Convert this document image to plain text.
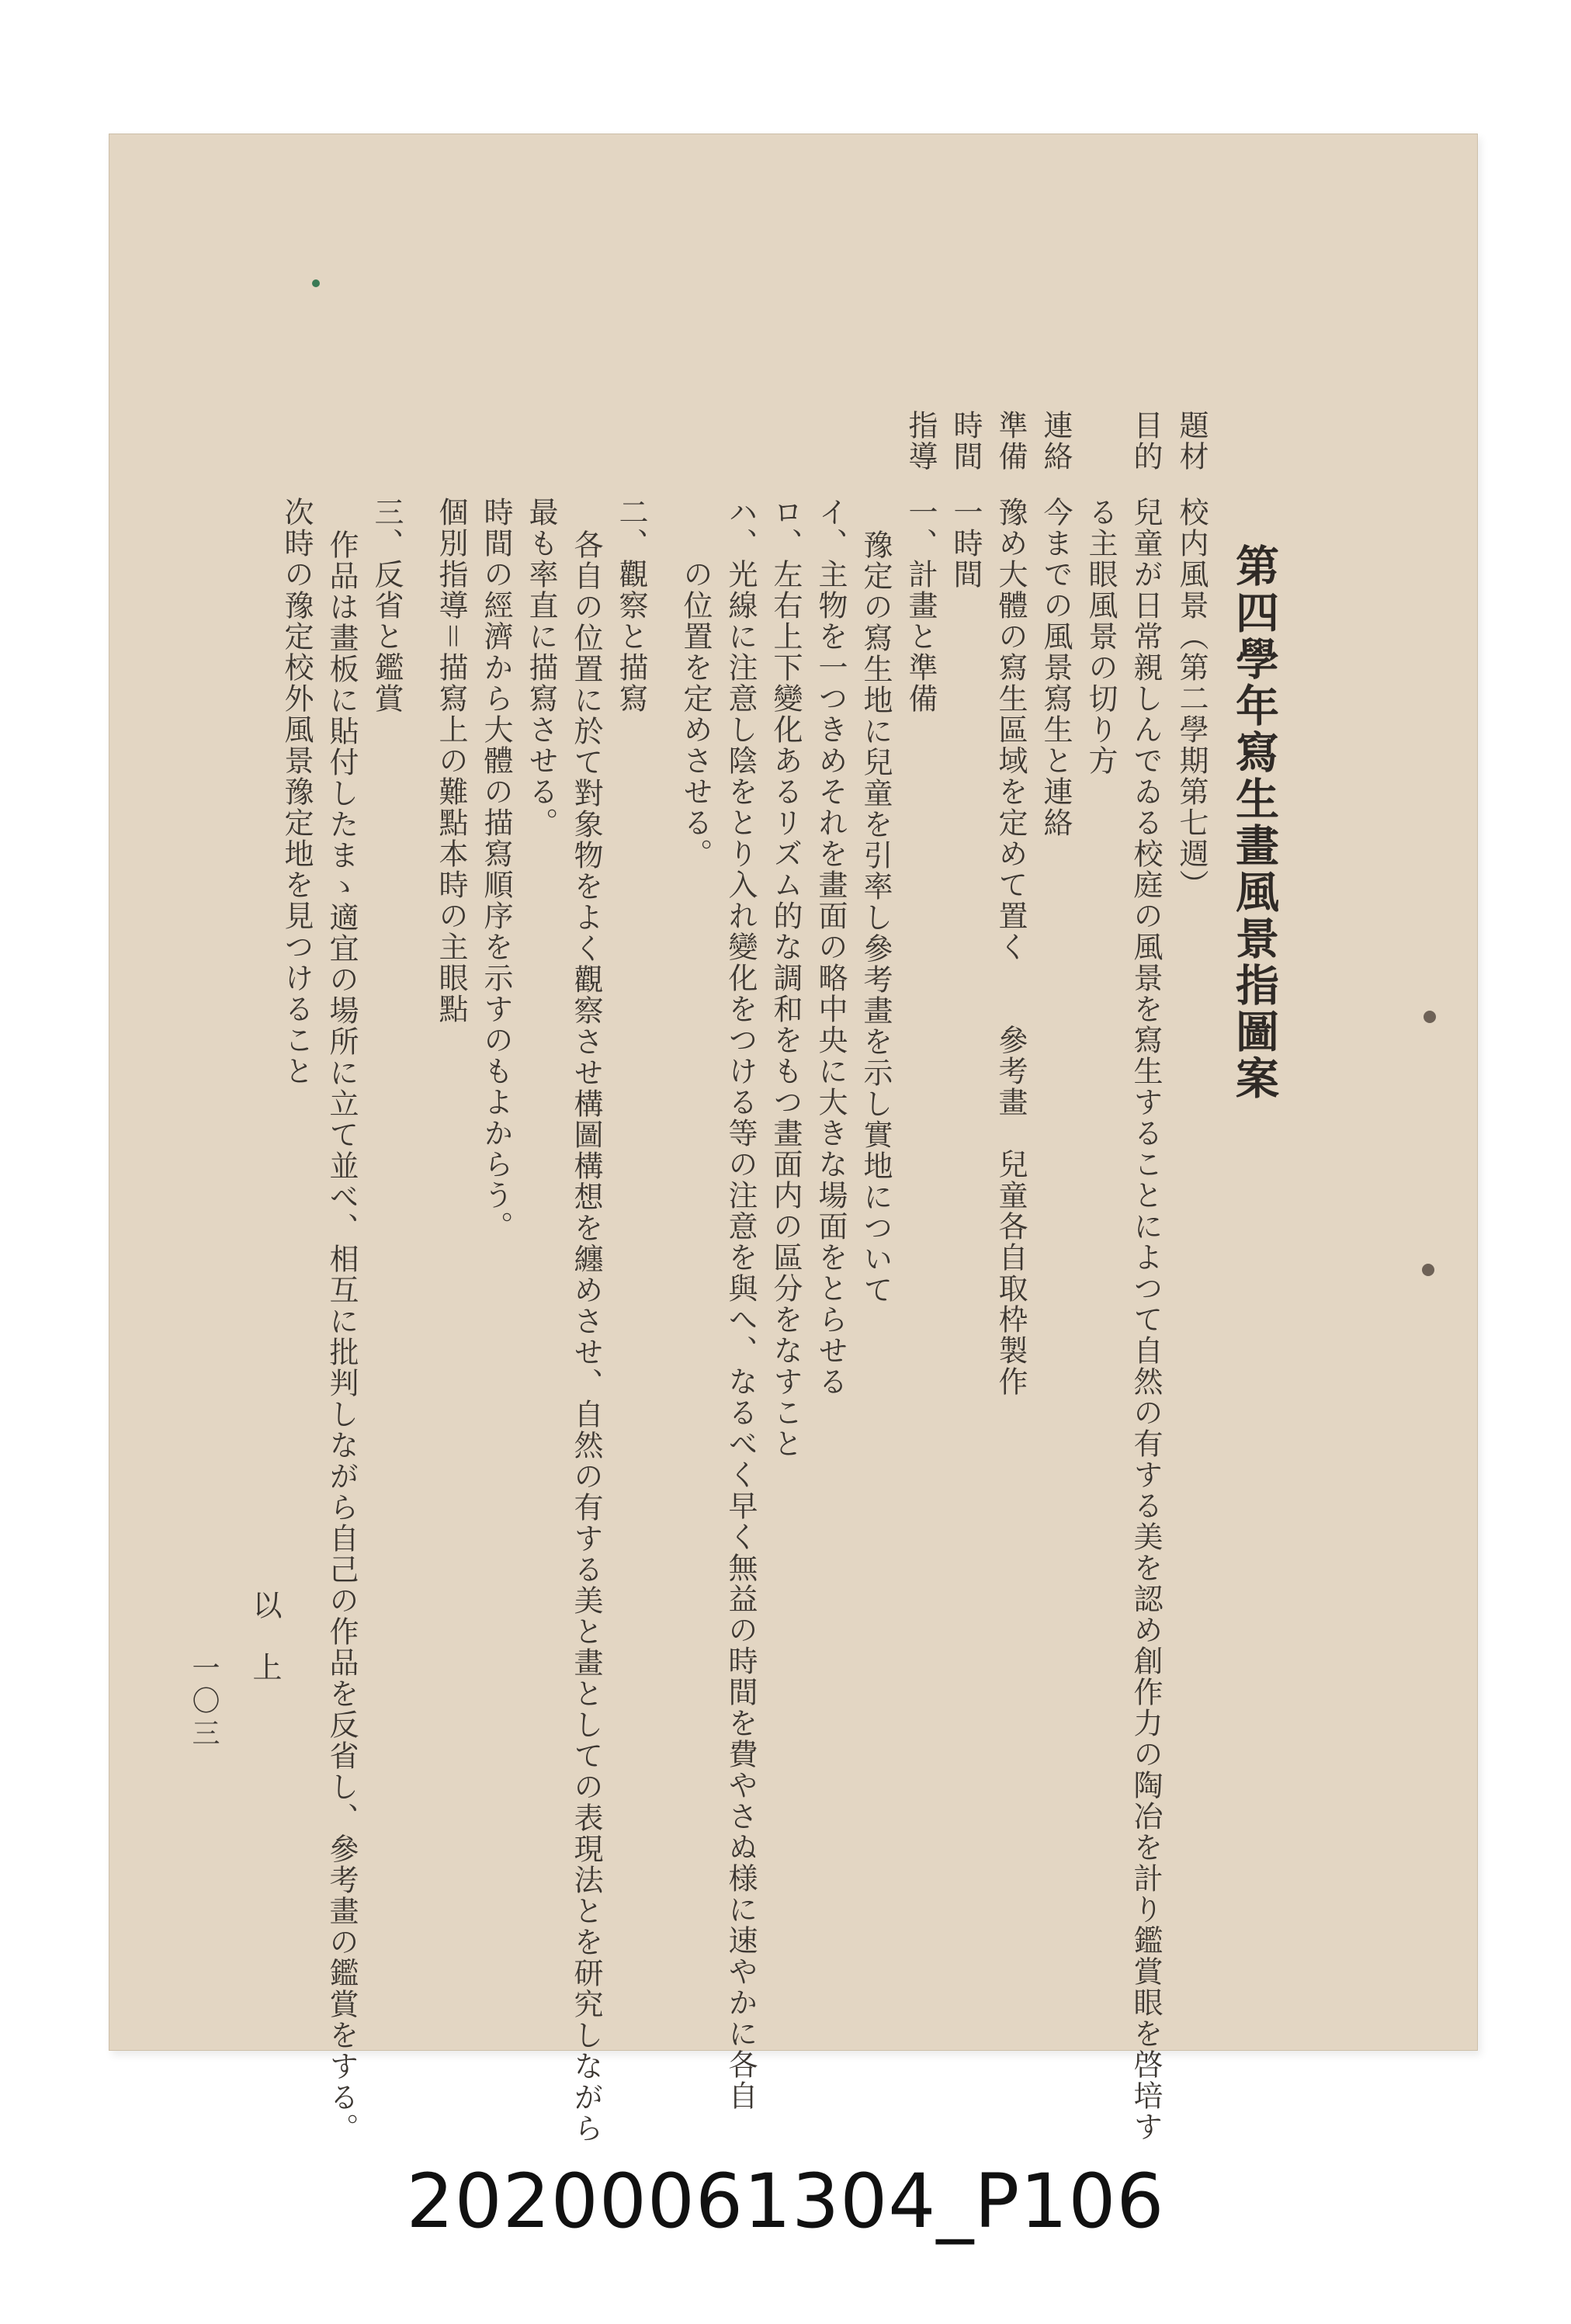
第四學年寫生畫風景指圖案
題材
目的
連絡
準備
時間
指導
校内風景（第二學期第七週）
兒童が日常親しんでゐる校庭の風景を寫生することによつて自然の有する美を認め創作力の陶冶を計り鑑賞眼を啓培す
る主眼風景の切り方
今までの風景寫生と連絡
豫め大體の寫生區域を定めて置く　　參考畫　兒童各自取枠製作
一時間
一、計畫と準備
豫定の寫生地に兒童を引率し參考畫を示し實地について
イ、主物を一つきめそれを畫面の略中央に大きな場面をとらせる
ロ、左右上下變化あるリズム的な調和をもつ畫面内の區分をなすこと
ハ、光線に注意し陰をとり入れ變化をつける等の注意を與へ、なるべく早く無益の時間を費やさぬ様に速やかに各自
の位置を定めさせる。
二、觀察と描寫
各自の位置に於て對象物をよく觀察させ構圖構想を纏めさせ、自然の有する美と畫としての表現法とを研究しながら
最も率直に描寫させる。
時間の經濟から大體の描寫順序を示すのもよからう。
個別指導＝描寫上の難點本時の主眼點
三、反省と鑑賞
作品は畫板に貼付したまゝ適宜の場所に立て並べ、相互に批判しながら自己の作品を反省し、參考畫の鑑賞をする。
次時の豫定校外風景豫定地を見つけること
以　上
一〇三
20200061304_P106
